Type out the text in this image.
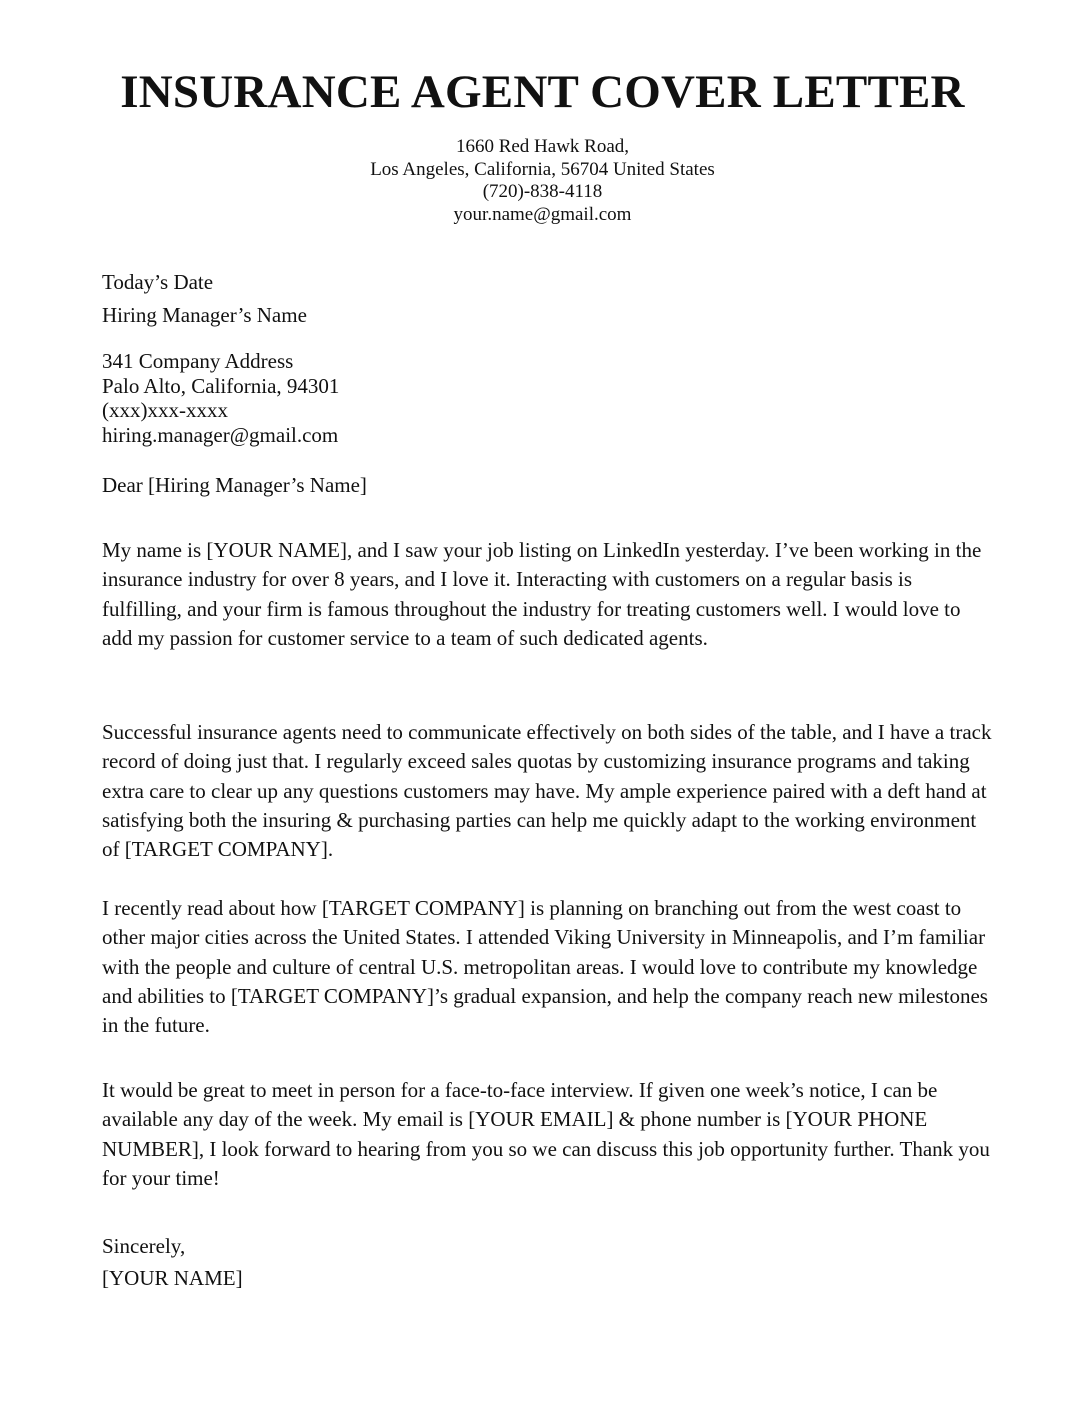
INSURANCE AGENT COVER LETTER
1660 Red Hawk Road,
Los Angeles, California, 56704 United States
(720)-838-4118
your.name@gmail.com
Today’s Date
Hiring Manager’s Name
341 Company Address
Palo Alto, California, 94301
(xxx)xxx-xxxx
hiring.manager@gmail.com
Dear [Hiring Manager’s Name]

My name is [YOUR NAME], and I saw your job listing on LinkedIn yesterday. I’ve been working in the insurance industry for over 8 years, and I love it. Interacting with customers on a regular basis is fulfilling, and your firm is famous throughout the industry for treating customers well. I would love to add my passion for customer service to a team of such dedicated agents.

Successful insurance agents need to communicate effectively on both sides of the table, and I have a track record of doing just that. I regularly exceed sales quotas by customizing insurance programs and taking extra care to clear up any questions customers may have. My ample experience paired with a deft hand at satisfying both the insuring & purchasing parties can help me quickly adapt to the working environment of [TARGET COMPANY].

I recently read about how [TARGET COMPANY] is planning on branching out from the west coast to other major cities across the United States. I attended Viking University in Minneapolis, and I’m familiar with the people and culture of central U.S. metropolitan areas. I would love to contribute my knowledge and abilities to [TARGET COMPANY]’s gradual expansion, and help the company reach new milestones in the future.

It would be great to meet in person for a face-to-face interview. If given one week’s notice, I can be available any day of the week. My email is [YOUR EMAIL] & phone number is [YOUR PHONE NUMBER], I look forward to hearing from you so we can discuss this job opportunity further. Thank you for your time!

Sincerely,
[YOUR NAME]
